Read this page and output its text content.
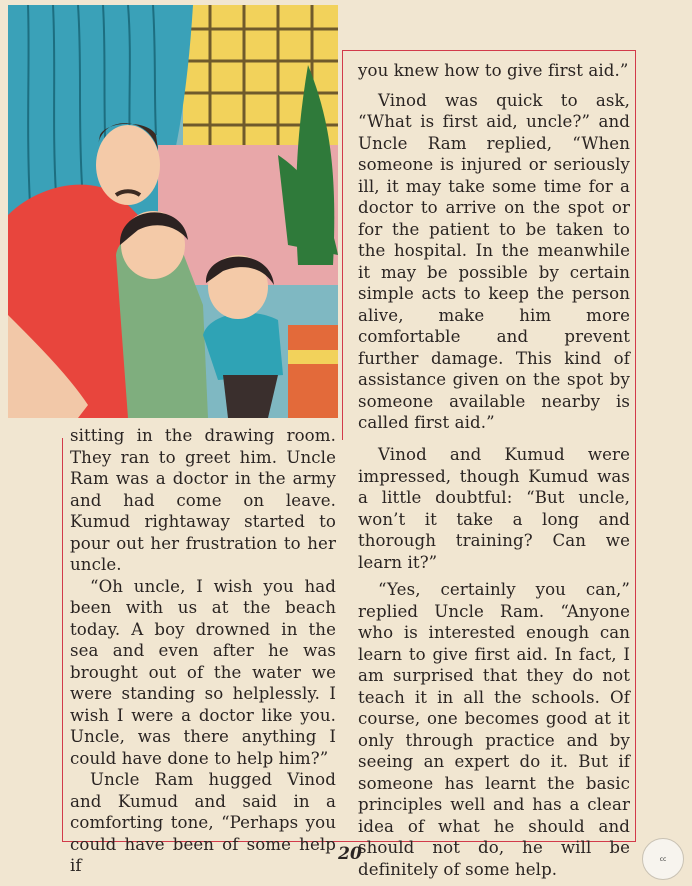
you knew how to give first aid.”

Vinod was quick to ask, “What is first aid, uncle?” and Uncle Ram replied, “When someone is injured or seriously ill, it may take some time for a doctor to arrive on the spot or for the patient to be taken to the hospital. In the meanwhile it may be possible by certain simple acts to keep the person alive, make him more comfortable and prevent further damage. This kind of assistance given on the spot by someone available nearby is called first aid.”

sitting in the drawing room. They ran to greet him. Uncle Ram was a doctor in the army and had come on leave. Kumud rightaway started to pour out her frustration to her uncle.

“Oh uncle, I wish you had been with us at the beach today. A boy drowned in the sea and even after he was brought out of the water we were standing so helplessly. I wish I were a doctor like you. Uncle, was there anything I could have done to help him?”

Uncle Ram hugged Vinod and Kumud and said in a comforting tone, “Perhaps you could have been of some help if

Vinod and Kumud were impressed, though Kumud was a little doubtful: “But uncle, won’t it take a long and thorough training? Can we learn it?”

“Yes, certainly you can,” replied Uncle Ram. “Anyone who is interested enough can learn to give first aid. In fact, I am surprised that they do not teach it in all the schools. Of course, one becomes good at it only through practice and by seeing an expert do it. But if someone has learnt the basic principles well and has a clear idea of what he should and should not do, he will be definitely of some help.

20	cc
